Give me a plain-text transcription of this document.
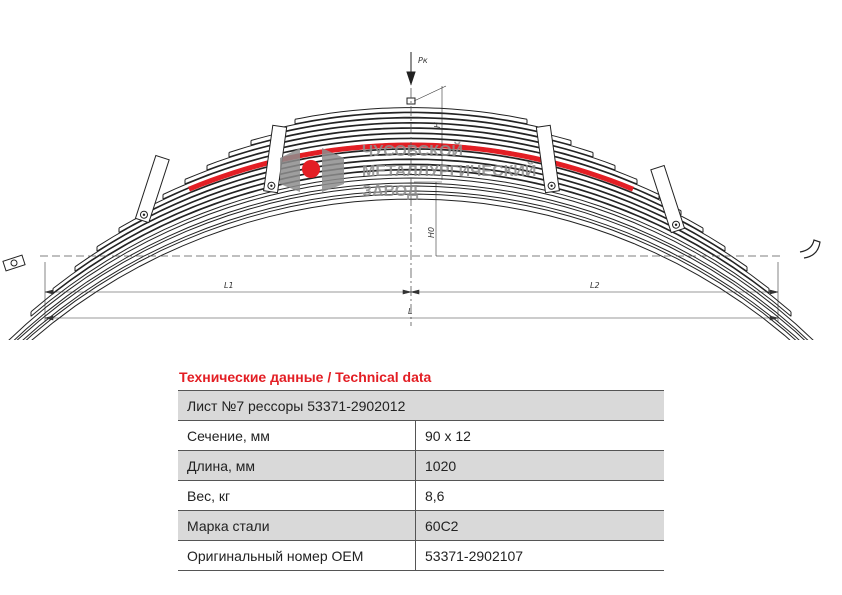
Pк
H
H0
L1	L2
L
ЧУСОВСКОЙ
МЕТАЛЛУРГИЧЕСКИЙ
ЗАВОД
Технические данные / Technical data
Лист №7 рессоры 53371-2902012	
Сечение, мм	90 х 12
Длина, мм	1020
Вес, кг	8,6
Марка стали	60С2
Оригинальный номер OEM	53371-2902107
